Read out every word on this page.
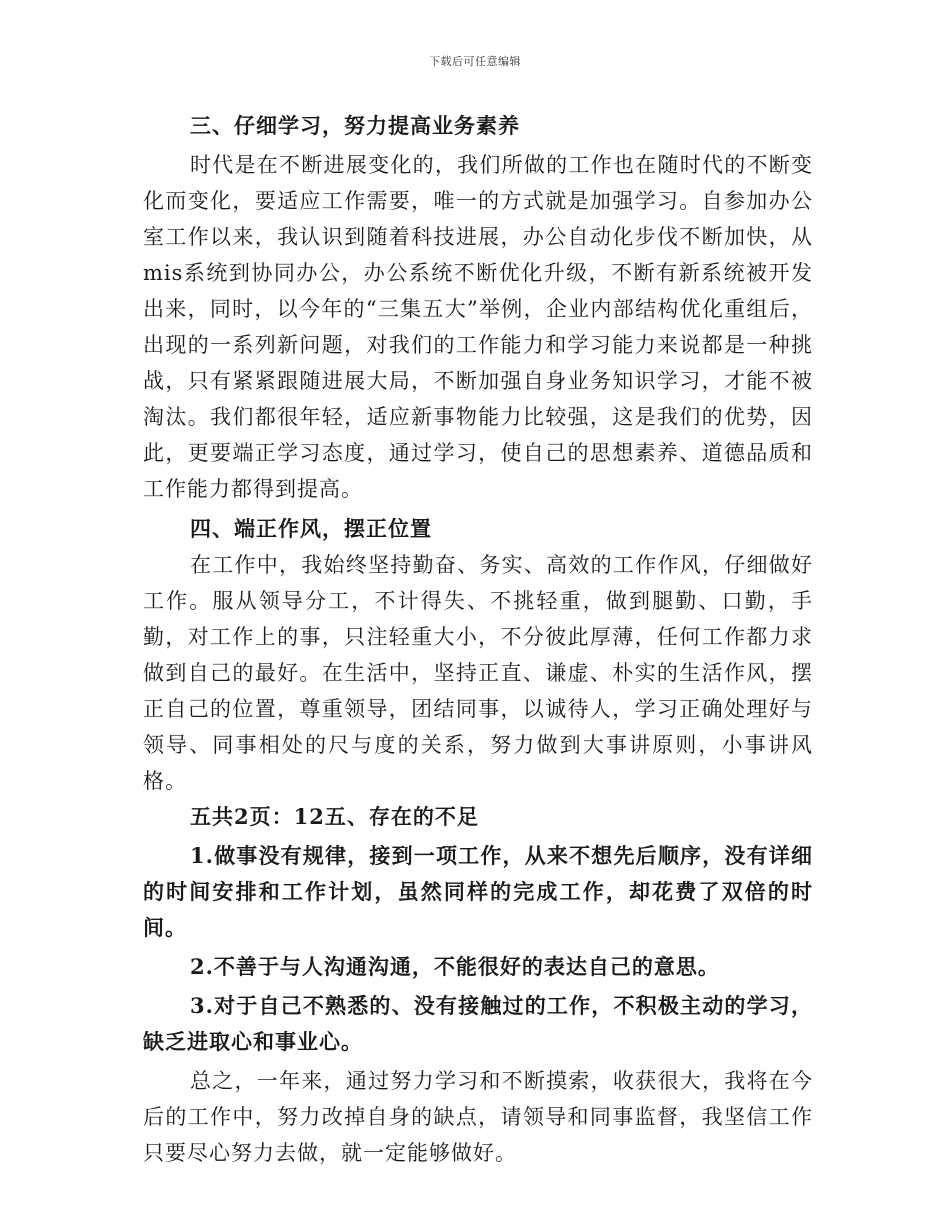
下载后可任意编辑

三、仔细学习，努力提高业务素养

时代是在不断进展变化的，我们所做的工作也在随时代的不断变化而变化，要适应工作需要，唯一的方式就是加强学习。自参加办公室工作以来，我认识到随着科技进展，办公自动化步伐不断加快，从mis系统到协同办公，办公系统不断优化升级，不断有新系统被开发出来，同时，以今年的“三集五大”举例，企业内部结构优化重组后，出现的一系列新问题，对我们的工作能力和学习能力来说都是一种挑战，只有紧紧跟随进展大局，不断加强自身业务知识学习，才能不被淘汰。我们都很年轻，适应新事物能力比较强，这是我们的优势，因此，更要端正学习态度，通过学习，使自己的思想素养、道德品质和工作能力都得到提高。

四、端正作风，摆正位置

在工作中，我始终坚持勤奋、务实、高效的工作作风，仔细做好工作。服从领导分工，不计得失、不挑轻重，做到腿勤、口勤，手勤，对工作上的事，只注轻重大小，不分彼此厚薄，任何工作都力求做到自己的最好。在生活中，坚持正直、谦虚、朴实的生活作风，摆正自己的位置，尊重领导，团结同事，以诚待人，学习正确处理好与领导、同事相处的尺与度的关系，努力做到大事讲原则，小事讲风格。

五共2页：12五、存在的不足

1.做事没有规律，接到一项工作，从来不想先后顺序，没有详细的时间安排和工作计划，虽然同样的完成工作，却花费了双倍的时间。

2.不善于与人沟通沟通，不能很好的表达自己的意思。

3.对于自己不熟悉的、没有接触过的工作，不积极主动的学习，缺乏进取心和事业心。

总之，一年来，通过努力学习和不断摸索，收获很大，我将在今后的工作中，努力改掉自身的缺点，请领导和同事监督，我坚信工作只要尽心努力去做，就一定能够做好。
